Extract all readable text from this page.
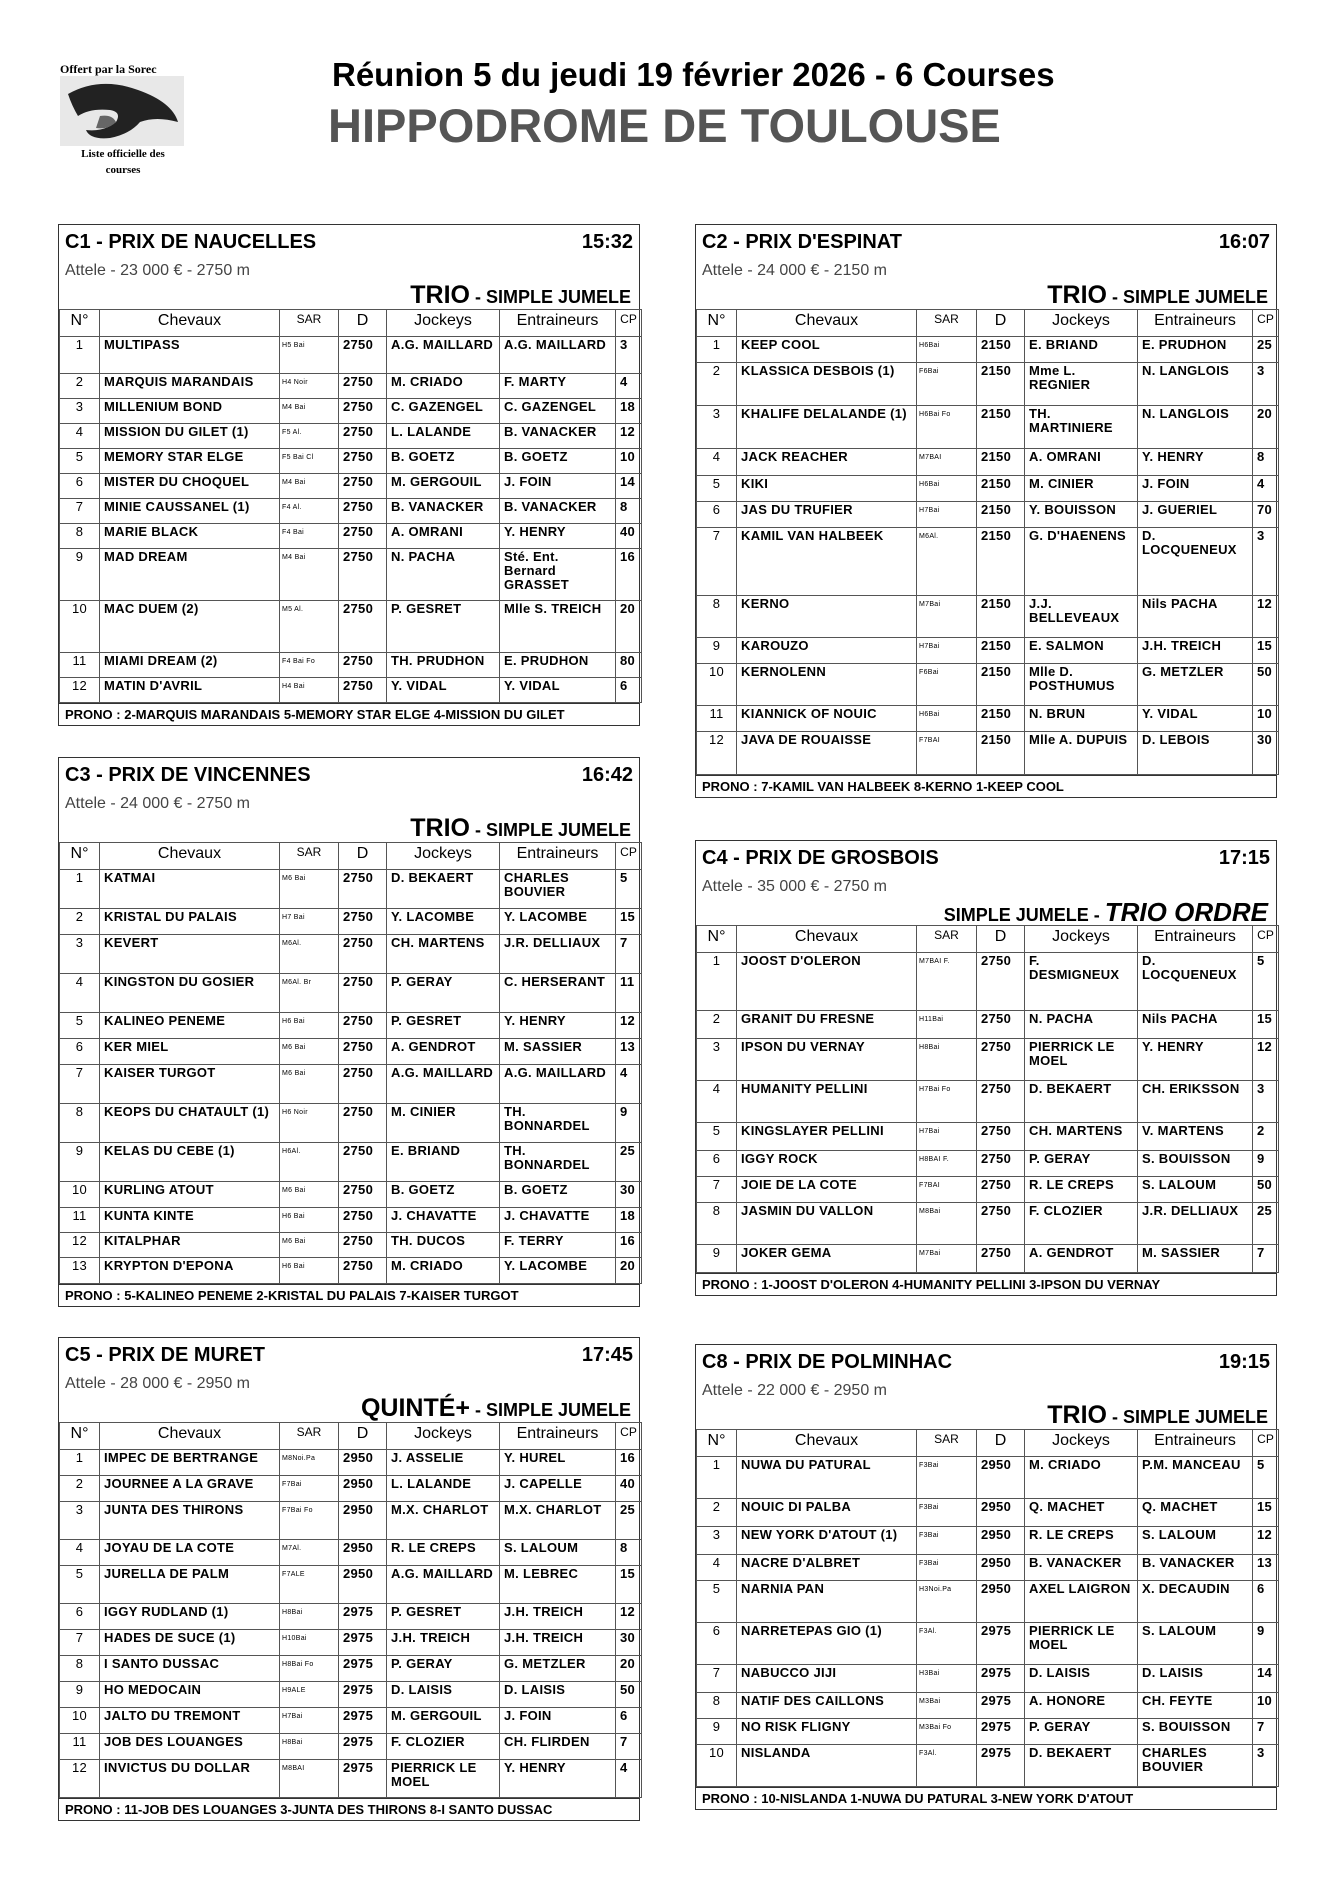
Offert par la Sorec
Liste officielle des courses
Réunion 5 du jeudi 19 février 2026 - 6 Courses
HIPPODROME DE TOULOUSE
C1 - PRIX DE NAUCELLES	15:32
Attele - 23 000 € - 2750 m
TRIO - SIMPLE JUMELE
N°	Chevaux	SAR	D	Jockeys	Entraineurs	CP
1	MULTIPASS	H5 Bai	2750	A.G. MAILLARD	A.G. MAILLARD	3
2	MARQUIS MARANDAIS	H4 Noir	2750	M. CRIADO	F. MARTY	4
3	MILLENIUM BOND	M4 Bai	2750	C. GAZENGEL	C. GAZENGEL	18
4	MISSION DU GILET (1)	F5 Al.	2750	L. LALANDE	B. VANACKER	12
5	MEMORY STAR ELGE	F5 Bai Cl	2750	B. GOETZ	B. GOETZ	10
6	MISTER DU CHOQUEL	M4 Bai	2750	M. GERGOUIL	J. FOIN	14
7	MINIE CAUSSANEL (1)	F4 Al.	2750	B. VANACKER	B. VANACKER	8
8	MARIE BLACK	F4 Bai	2750	A. OMRANI	Y. HENRY	40
9	MAD DREAM	M4 Bai	2750	N. PACHA	Sté. Ent. Bernard GRASSET	16
10	MAC DUEM (2)	M5 Al.	2750	P. GESRET	Mlle S. TREICH	20
11	MIAMI DREAM (2)	F4 Bai Fo	2750	TH. PRUDHON	E. PRUDHON	80
12	MATIN D'AVRIL	H4 Bai	2750	Y. VIDAL	Y. VIDAL	6
PRONO : 2-MARQUIS MARANDAIS 5-MEMORY STAR ELGE 4-MISSION DU GILET
C2 - PRIX D'ESPINAT	16:07
Attele - 24 000 € - 2150 m
TRIO - SIMPLE JUMELE
N°	Chevaux	SAR	D	Jockeys	Entraineurs	CP
1	KEEP COOL	H6Bai	2150	E. BRIAND	E. PRUDHON	25
2	KLASSICA DESBOIS (1)	F6Bai	2150	Mme L. REGNIER	N. LANGLOIS	3
3	KHALIFE DELALANDE (1)	H6Bai Fo	2150	TH. MARTINIERE	N. LANGLOIS	20
4	JACK REACHER	M7BAI	2150	A. OMRANI	Y. HENRY	8
5	KIKI	H6Bai	2150	M. CINIER	J. FOIN	4
6	JAS DU TRUFIER	H7Bai	2150	Y. BOUISSON	J. GUERIEL	70
7	KAMIL VAN HALBEEK	M6Al.	2150	G. D'HAENENS	D. LOCQUENEUX	3
8	KERNO	M7Bai	2150	J.J. BELLEVEAUX	Nils PACHA	12
9	KAROUZO	H7Bai	2150	E. SALMON	J.H. TREICH	15
10	KERNOLENN	F6Bai	2150	Mlle D. POSTHUMUS	G. METZLER	50
11	KIANNICK OF NOUIC	H6Bai	2150	N. BRUN	Y. VIDAL	10
12	JAVA DE ROUAISSE	F7BAI	2150	Mlle A. DUPUIS	D. LEBOIS	30
PRONO : 7-KAMIL VAN HALBEEK 8-KERNO 1-KEEP COOL
C3 - PRIX DE VINCENNES	16:42
Attele - 24 000 € - 2750 m
TRIO - SIMPLE JUMELE
N°	Chevaux	SAR	D	Jockeys	Entraineurs	CP
1	KATMAI	M6 Bai	2750	D. BEKAERT	CHARLES BOUVIER	5
2	KRISTAL DU PALAIS	H7 Bai	2750	Y. LACOMBE	Y. LACOMBE	15
3	KEVERT	M6Al.	2750	CH. MARTENS	J.R. DELLIAUX	7
4	KINGSTON DU GOSIER	M6Al. Br	2750	P. GERAY	C. HERSERANT	11
5	KALINEO PENEME	H6 Bai	2750	P. GESRET	Y. HENRY	12
6	KER MIEL	M6 Bai	2750	A. GENDROT	M. SASSIER	13
7	KAISER TURGOT	M6 Bai	2750	A.G. MAILLARD	A.G. MAILLARD	4
8	KEOPS DU CHATAULT (1)	H6 Noir	2750	M. CINIER	TH. BONNARDEL	9
9	KELAS DU CEBE (1)	H6Al.	2750	E. BRIAND	TH. BONNARDEL	25
10	KURLING ATOUT	M6 Bai	2750	B. GOETZ	B. GOETZ	30
11	KUNTA KINTE	H6 Bai	2750	J. CHAVATTE	J. CHAVATTE	18
12	KITALPHAR	M6 Bai	2750	TH. DUCOS	F. TERRY	16
13	KRYPTON D'EPONA	H6 Bai	2750	M. CRIADO	Y. LACOMBE	20
PRONO : 5-KALINEO PENEME 2-KRISTAL DU PALAIS 7-KAISER TURGOT
C4 - PRIX DE GROSBOIS	17:15
Attele - 35 000 € - 2750 m
SIMPLE JUMELE - TRIO ORDRE
N°	Chevaux	SAR	D	Jockeys	Entraineurs	CP
1	JOOST D'OLERON	M7BAI F.	2750	F. DESMIGNEUX	D. LOCQUENEUX	5
2	GRANIT DU FRESNE	H11Bai	2750	N. PACHA	Nils PACHA	15
3	IPSON DU VERNAY	H8Bai	2750	PIERRICK LE MOEL	Y. HENRY	12
4	HUMANITY PELLINI	H7Bai Fo	2750	D. BEKAERT	CH. ERIKSSON	3
5	KINGSLAYER PELLINI	H7Bai	2750	CH. MARTENS	V. MARTENS	2
6	IGGY ROCK	H8BAI F.	2750	P. GERAY	S. BOUISSON	9
7	JOIE DE LA COTE	F7BAI	2750	R. LE CREPS	S. LALOUM	50
8	JASMIN DU VALLON	M8Bai	2750	F. CLOZIER	J.R. DELLIAUX	25
9	JOKER GEMA	M7Bai	2750	A. GENDROT	M. SASSIER	7
PRONO : 1-JOOST D'OLERON 4-HUMANITY PELLINI 3-IPSON DU VERNAY
C5 - PRIX DE MURET	17:45
Attele - 28 000 € - 2950 m
QUINTÉ+ - SIMPLE JUMELE
N°	Chevaux	SAR	D	Jockeys	Entraineurs	CP
1	IMPEC DE BERTRANGE	M8Noi.Pa	2950	J. ASSELIE	Y. HUREL	16
2	JOURNEE A LA GRAVE	F7Bai	2950	L. LALANDE	J. CAPELLE	40
3	JUNTA DES THIRONS	F7Bai Fo	2950	M.X. CHARLOT	M.X. CHARLOT	25
4	JOYAU DE LA COTE	M7Al.	2950	R. LE CREPS	S. LALOUM	8
5	JURELLA DE PALM	F7ALE	2950	A.G. MAILLARD	M. LEBREC	15
6	IGGY RUDLAND (1)	H8Bai	2975	P. GESRET	J.H. TREICH	12
7	HADES DE SUCE (1)	H10Bai	2975	J.H. TREICH	J.H. TREICH	30
8	I SANTO DUSSAC	H8Bai Fo	2975	P. GERAY	G. METZLER	20
9	HO MEDOCAIN	H9ALE	2975	D. LAISIS	D. LAISIS	50
10	JALTO DU TREMONT	H7Bai	2975	M. GERGOUIL	J. FOIN	6
11	JOB DES LOUANGES	H8Bai	2975	F. CLOZIER	CH. FLIRDEN	7
12	INVICTUS DU DOLLAR	M8BAI	2975	PIERRICK LE MOEL	Y. HENRY	4
PRONO : 11-JOB DES LOUANGES 3-JUNTA DES THIRONS 8-I SANTO DUSSAC
C8 - PRIX DE POLMINHAC	19:15
Attele - 22 000 € - 2950 m
TRIO - SIMPLE JUMELE
N°	Chevaux	SAR	D	Jockeys	Entraineurs	CP
1	NUWA DU PATURAL	F3Bai	2950	M. CRIADO	P.M. MANCEAU	5
2	NOUIC DI PALBA	F3Bai	2950	Q. MACHET	Q. MACHET	15
3	NEW YORK D'ATOUT (1)	F3Bai	2950	R. LE CREPS	S. LALOUM	12
4	NACRE D'ALBRET	F3Bai	2950	B. VANACKER	B. VANACKER	13
5	NARNIA PAN	H3Noi.Pa	2950	AXEL LAIGRON	X. DECAUDIN	6
6	NARRETEPAS GIO (1)	F3Al.	2975	PIERRICK LE MOEL	S. LALOUM	9
7	NABUCCO JIJI	H3Bai	2975	D. LAISIS	D. LAISIS	14
8	NATIF DES CAILLONS	M3Bai	2975	A. HONORE	CH. FEYTE	10
9	NO RISK FLIGNY	M3Bai Fo	2975	P. GERAY	S. BOUISSON	7
10	NISLANDA	F3Al.	2975	D. BEKAERT	CHARLES BOUVIER	3
PRONO : 10-NISLANDA 1-NUWA DU PATURAL 3-NEW YORK D'ATOUT
